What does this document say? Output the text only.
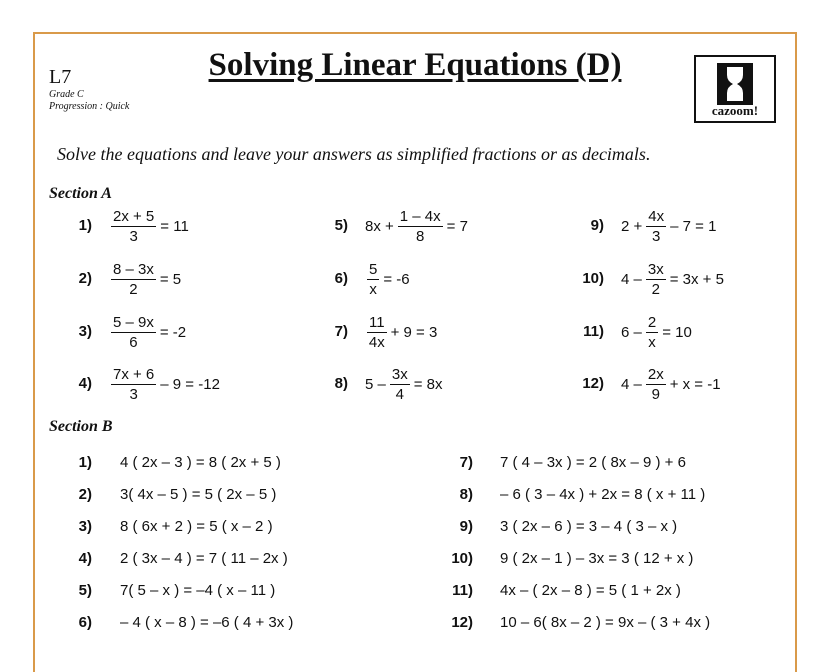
L7
Grade C
Progression : Quick
Solving Linear Equations (D)
cazoom!
Solve the equations and leave your answers as simplified fractions or as decimals.
Section A
$1) \frac{2x + 5}{3} = 11$
$2) \frac{8 - 3x}{2} = 5$
$3) \frac{5 - 9x}{6} = -2$
$4) \frac{7x + 6}{3} - 9 = -12$
5) $8x + \frac{1 - 4x}{8} = 7$
$6) \frac{5}{x} = -6$
$7) \frac{11}{4x} + 9 = 3$
8) $5 - \frac{3x}{4} = 8x$
9) $2 + \frac{4x}{3} - 7 = 1$
10) $4 - \frac{3x}{2} = 3x + 5$
11) $6 - \frac{2}{x} = 10$
12) $4 - \frac{2x}{9} + x = -1$
Section B
1) 4 ( 2x – 3 ) = 8 ( 2x + 5 )
2) 3( 4x – 5 ) = 5 ( 2x – 5 )
3) 8 ( 6x + 2 ) = 5 ( x – 2 )
4) 2 ( 3x – 4 ) = 7 ( 11 – 2x )
5) 7( 5 – x ) = –4 ( x – 11 )
6) – 4 ( x – 8 ) = –6 ( 4 + 3x )
7) 7 ( 4 – 3x ) = 2 ( 8x – 9 ) + 6
8) – 6 ( 3 – 4x ) + 2x = 8 ( x + 11 )
9) 3 ( 2x – 6 ) = 3 – 4 ( 3 – x )
10) 9 ( 2x – 1 ) – 3x = 3 ( 12 + x )
11) 4x – ( 2x – 8 ) = 5 ( 1 + 2x )
12) 10 – 6( 8x – 2 ) = 9x – ( 3 + 4x )
